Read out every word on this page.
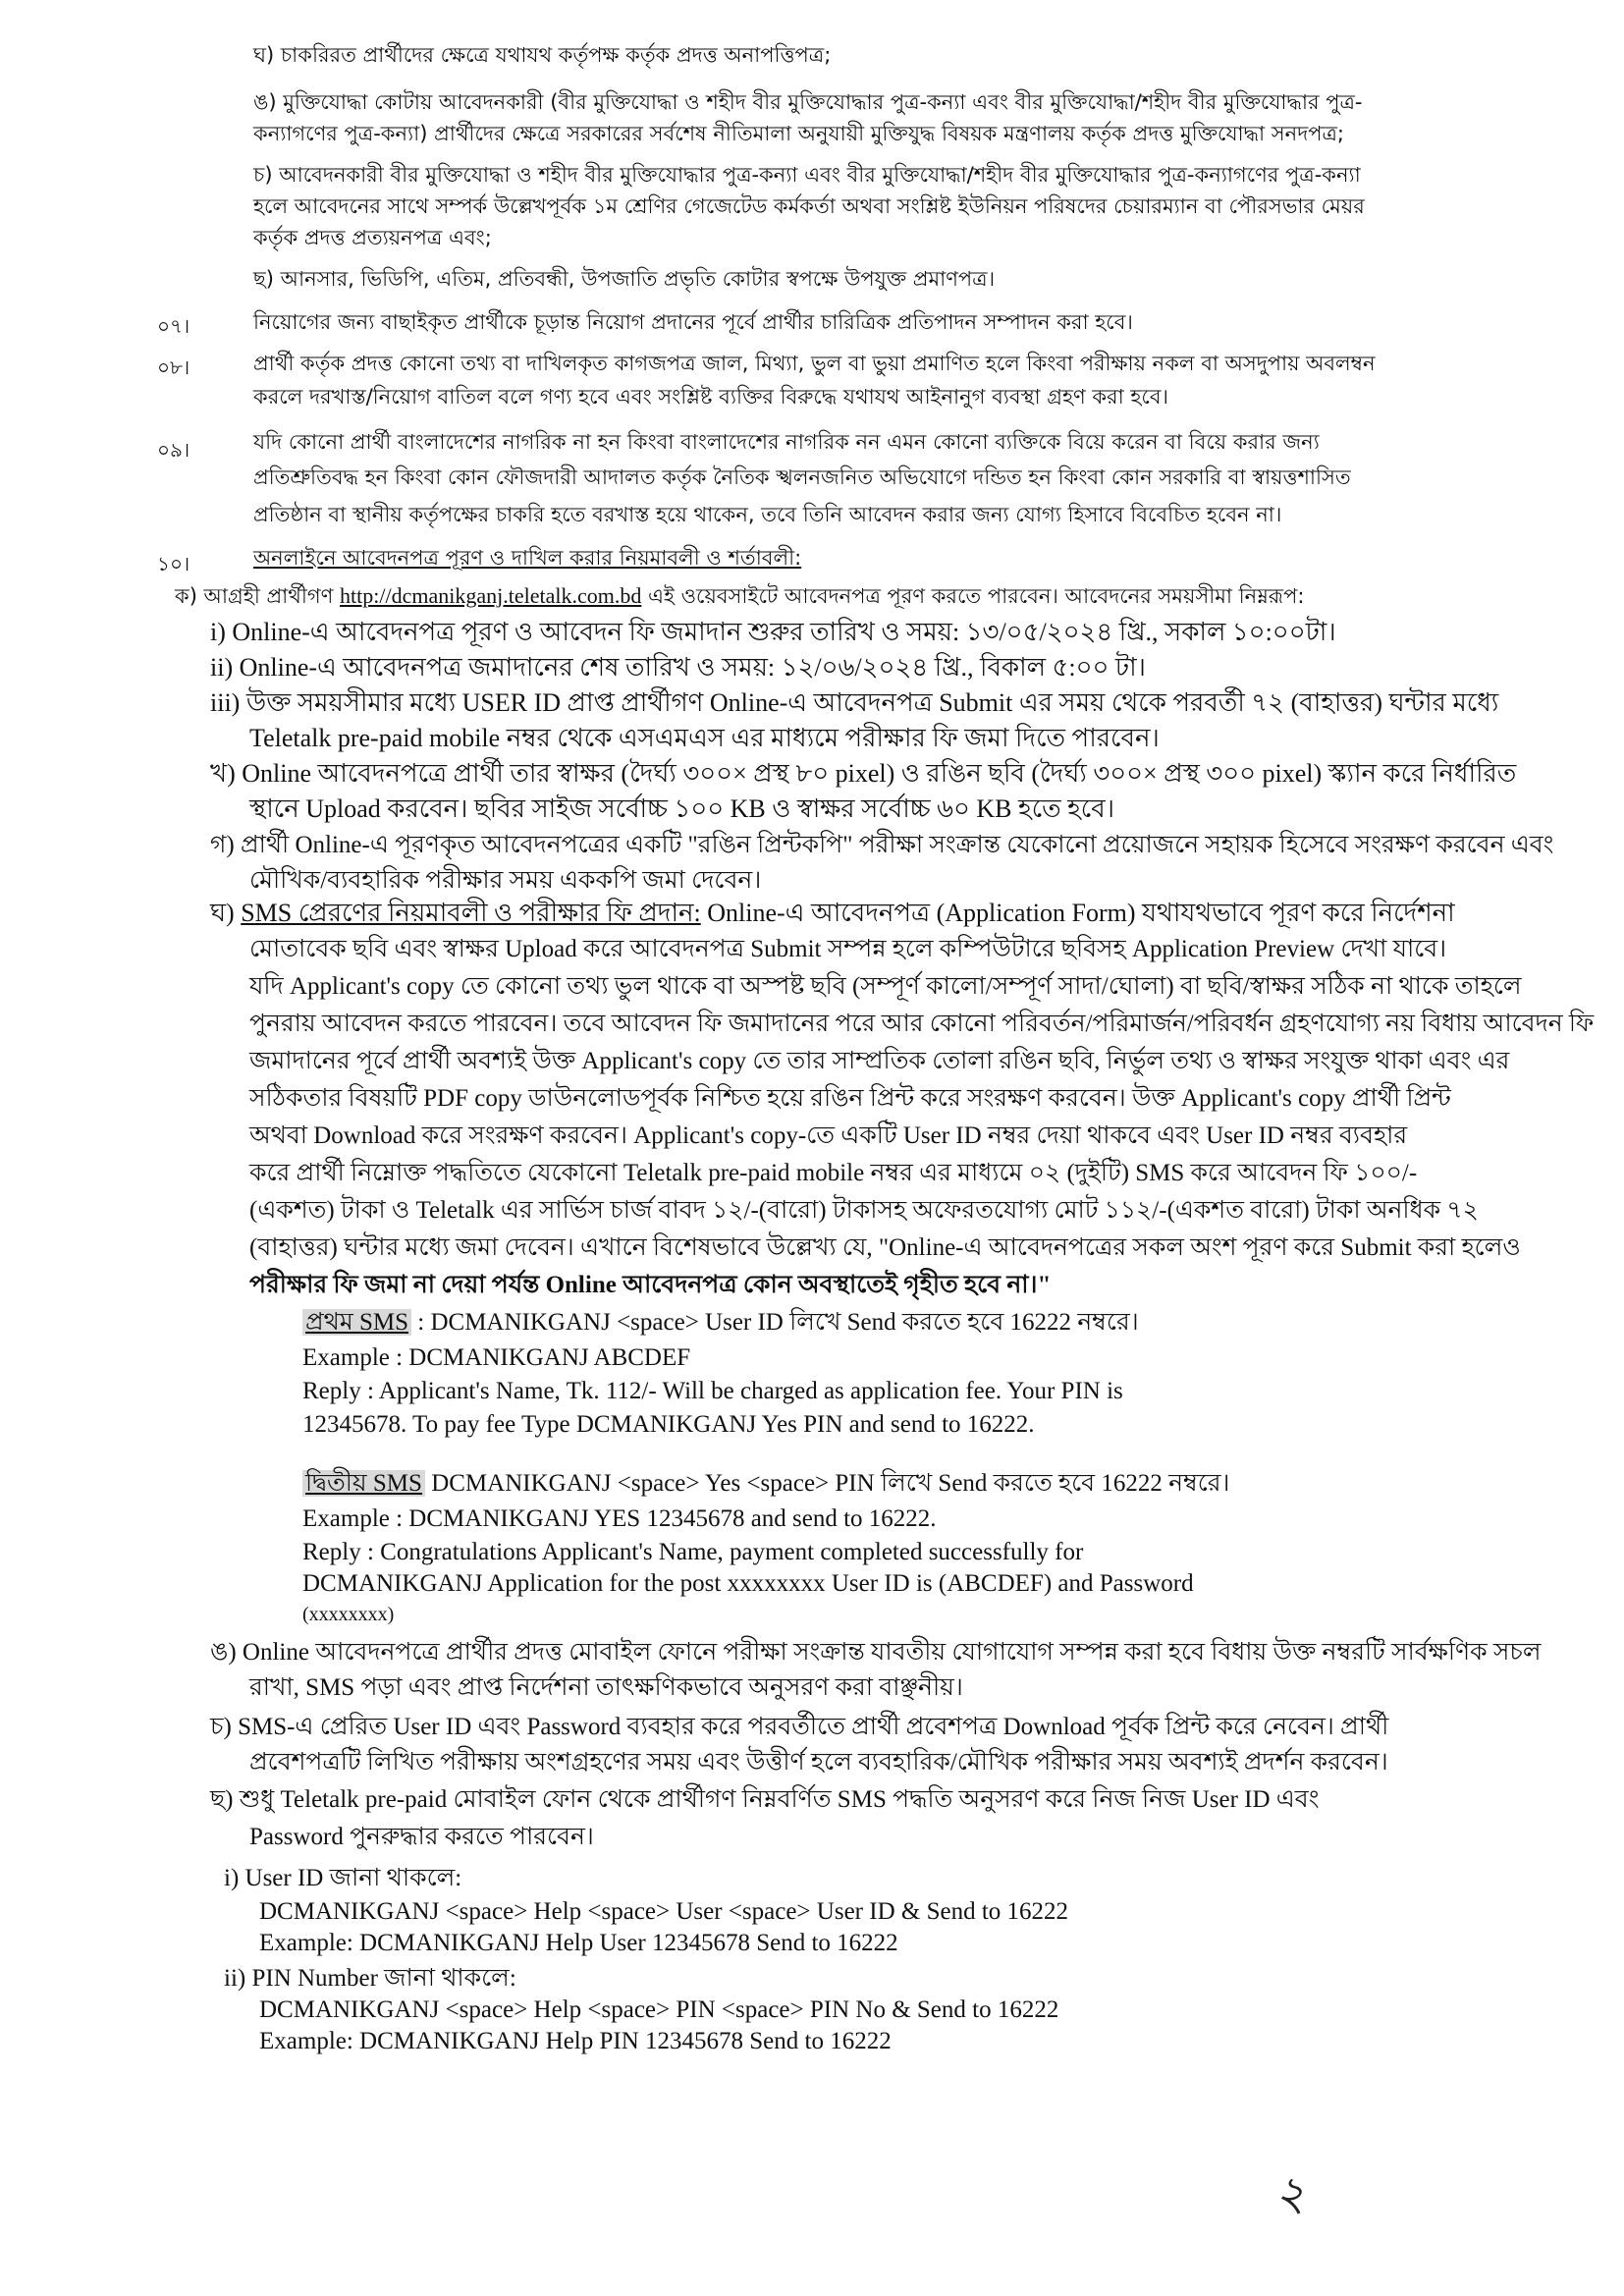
ঘ) চাকরিরত প্রার্থীদের ক্ষেত্রে যথাযথ কর্তৃপক্ষ কর্তৃক প্রদত্ত অনাপত্তিপত্র;
ঙ) মুক্তিযোদ্ধা কোটায় আবেদনকারী (বীর মুক্তিযোদ্ধা ও শহীদ বীর মুক্তিযোদ্ধার পুত্র-কন্যা এবং বীর মুক্তিযোদ্ধা/শহীদ বীর মুক্তিযোদ্ধার পুত্র-
কন্যাগণের পুত্র-কন্যা) প্রার্থীদের ক্ষেত্রে সরকারের সর্বশেষ নীতিমালা অনুযায়ী মুক্তিযুদ্ধ বিষয়ক মন্ত্রণালয় কর্তৃক প্রদত্ত মুক্তিযোদ্ধা সনদপত্র;
চ) আবেদনকারী বীর মুক্তিযোদ্ধা ও শহীদ বীর মুক্তিযোদ্ধার পুত্র-কন্যা এবং বীর মুক্তিযোদ্ধা/শহীদ বীর মুক্তিযোদ্ধার পুত্র-কন্যাগণের পুত্র-কন্যা
হলে আবেদনের সাথে সম্পর্ক উল্লেখপূর্বক ১ম শ্রেণির গেজেটেড কর্মকর্তা অথবা সংশ্লিষ্ট ইউনিয়ন পরিষদের চেয়ারম্যান বা পৌরসভার মেয়র
কর্তৃক প্রদত্ত প্রত্যয়নপত্র এবং;
ছ) আনসার, ভিডিপি, এতিম, প্রতিবন্ধী, উপজাতি প্রভৃতি কোটার স্বপক্ষে উপযুক্ত প্রমাণপত্র।
০৭।	নিয়োগের জন্য বাছাইকৃত প্রার্থীকে চূড়ান্ত নিয়োগ প্রদানের পূর্বে প্রার্থীর চারিত্রিক প্রতিপাদন সম্পাদন করা হবে।
০৮।	প্রার্থী কর্তৃক প্রদত্ত কোনো তথ্য বা দাখিলকৃত কাগজপত্র জাল, মিথ্যা, ভুল বা ভুয়া প্রমাণিত হলে কিংবা পরীক্ষায় নকল বা অসদুপায় অবলম্বন
করলে দরখাস্ত/নিয়োগ বাতিল বলে গণ্য হবে এবং সংশ্লিষ্ট ব্যক্তির বিরুদ্ধে যথাযথ আইনানুগ ব্যবস্থা গ্রহণ করা হবে।
০৯।	যদি কোনো প্রার্থী বাংলাদেশের নাগরিক না হন কিংবা বাংলাদেশের নাগরিক নন এমন কোনো ব্যক্তিকে বিয়ে করেন বা বিয়ে করার জন্য
প্রতিশ্রুতিবদ্ধ হন কিংবা কোন ফৌজদারী আদালত কর্তৃক নৈতিক স্খলনজনিত অভিযোগে দন্ডিত হন কিংবা কোন সরকারি বা স্বায়ত্তশাসিত
প্রতিষ্ঠান বা স্থানীয় কর্তৃপক্ষের চাকরি হতে বরখাস্ত হয়ে থাকেন, তবে তিনি আবেদন করার জন্য যোগ্য হিসাবে বিবেচিত হবেন না।
১০।	অনলাইনে আবেদনপত্র পূরণ ও দাখিল করার নিয়মাবলী ও শর্তাবলী:
ক) আগ্রহী প্রার্থীগণ http://dcmanikganj.teletalk.com.bd এই ওয়েবসাইটে আবেদনপত্র পূরণ করতে পারবেন। আবেদনের সময়সীমা নিম্নরূপ:
i) Online-এ আবেদনপত্র পূরণ ও আবেদন ফি জমাদান শুরুর তারিখ ও সময়: ১৩/০৫/২০২৪ খ্রি., সকাল ১০:০০টা।
ii) Online-এ আবেদনপত্র জমাদানের শেষ তারিখ ও সময়: ১২/০৬/২০২৪ খ্রি., বিকাল ৫:০০ টা।
iii) উক্ত সময়সীমার মধ্যে USER ID প্রাপ্ত প্রার্থীগণ Online-এ আবেদনপত্র Submit এর সময় থেকে পরবর্তী ৭২ (বাহাত্তর) ঘন্টার মধ্যে
Teletalk pre-paid mobile নম্বর থেকে এসএমএস এর মাধ্যমে পরীক্ষার ফি জমা দিতে পারবেন।
খ) Online আবেদনপত্রে প্রার্থী তার স্বাক্ষর (দৈর্ঘ্য ৩০০× প্রস্থ ৮০ pixel) ও রঙিন ছবি (দৈর্ঘ্য ৩০০× প্রস্থ ৩০০ pixel) স্ক্যান করে নির্ধারিত
স্থানে Upload করবেন। ছবির সাইজ সর্বোচ্চ ১০০ KB ও স্বাক্ষর সর্বোচ্চ ৬০ KB হতে হবে।
গ) প্রার্থী Online-এ পূরণকৃত আবেদনপত্রের একটি "রঙিন প্রিন্টকপি" পরীক্ষা সংক্রান্ত যেকোনো প্রয়োজনে সহায়ক হিসেবে সংরক্ষণ করবেন এবং
মৌখিক/ব্যবহারিক পরীক্ষার সময় এককপি জমা দেবেন।
ঘ) SMS প্রেরণের নিয়মাবলী ও পরীক্ষার ফি প্রদান: Online-এ আবেদনপত্র (Application Form) যথাযথভাবে পূরণ করে নির্দেশনা
মোতাবেক ছবি এবং স্বাক্ষর Upload করে আবেদনপত্র Submit সম্পন্ন হলে কম্পিউটারে ছবিসহ Application Preview দেখা যাবে।
যদি Applicant's copy তে কোনো তথ্য ভুল থাকে বা অস্পষ্ট ছবি (সম্পূর্ণ কালো/সম্পূর্ণ সাদা/ঘোলা) বা ছবি/স্বাক্ষর সঠিক না থাকে তাহলে
পুনরায় আবেদন করতে পারবেন। তবে আবেদন ফি জমাদানের পরে আর কোনো পরিবর্তন/পরিমার্জন/পরিবর্ধন গ্রহণযোগ্য নয় বিধায় আবেদন ফি
জমাদানের পূর্বে প্রার্থী অবশ্যই উক্ত Applicant's copy তে তার সাম্প্রতিক তোলা রঙিন ছবি, নির্ভুল তথ্য ও স্বাক্ষর সংযুক্ত থাকা এবং এর
সঠিকতার বিষয়টি PDF copy ডাউনলোডপূর্বক নিশ্চিত হয়ে রঙিন প্রিন্ট করে সংরক্ষণ করবেন। উক্ত Applicant's copy প্রার্থী প্রিন্ট
অথবা Download করে সংরক্ষণ করবেন। Applicant's copy-তে একটি User ID নম্বর দেয়া থাকবে এবং User ID নম্বর ব্যবহার
করে প্রার্থী নিম্নোক্ত পদ্ধতিতে যেকোনো Teletalk pre-paid mobile নম্বর এর মাধ্যমে ০২ (দুইটি) SMS করে আবেদন ফি ১০০/-
(একশত) টাকা ও Teletalk এর সার্ভিস চার্জ বাবদ ১২/-(বারো) টাকাসহ অফেরতযোগ্য মোট ১১২/-(একশত বারো) টাকা অনধিক ৭২
(বাহাত্তর) ঘন্টার মধ্যে জমা দেবেন। এখানে বিশেষভাবে উল্লেখ্য যে, "Online-এ আবেদনপত্রের সকল অংশ পূরণ করে Submit করা হলেও
পরীক্ষার ফি জমা না দেয়া পর্যন্ত Online আবেদনপত্র কোন অবস্থাতেই গৃহীত হবে না।"
প্রথম SMS : DCMANIKGANJ <space> User ID লিখে Send করতে হবে 16222 নম্বরে।
Example : DCMANIKGANJ ABCDEF
Reply : Applicant's Name, Tk. 112/- Will be charged as application fee. Your PIN is
12345678. To pay fee Type DCMANIKGANJ Yes PIN and send to 16222.
দ্বিতীয় SMS DCMANIKGANJ <space> Yes <space> PIN লিখে Send করতে হবে 16222 নম্বরে।
Example : DCMANIKGANJ YES 12345678 and send to 16222.
Reply : Congratulations Applicant's Name, payment completed successfully for
DCMANIKGANJ Application for the post xxxxxxxx User ID is (ABCDEF) and Password
(xxxxxxxx)
ঙ) Online আবেদনপত্রে প্রার্থীর প্রদত্ত মোবাইল ফোনে পরীক্ষা সংক্রান্ত যাবতীয় যোগাযোগ সম্পন্ন করা হবে বিধায় উক্ত নম্বরটি সার্বক্ষণিক সচল
রাখা, SMS পড়া এবং প্রাপ্ত নির্দেশনা তাৎক্ষণিকভাবে অনুসরণ করা বাঞ্ছনীয়।
চ) SMS-এ প্রেরিত User ID এবং Password ব্যবহার করে পরবর্তীতে প্রার্থী প্রবেশপত্র Download পূর্বক প্রিন্ট করে নেবেন। প্রার্থী
প্রবেশপত্রটি লিখিত পরীক্ষায় অংশগ্রহণের সময় এবং উত্তীর্ণ হলে ব্যবহারিক/মৌখিক পরীক্ষার সময় অবশ্যই প্রদর্শন করবেন।
ছ) শুধু Teletalk pre-paid মোবাইল ফোন থেকে প্রার্থীগণ নিম্নবর্ণিত SMS পদ্ধতি অনুসরণ করে নিজ নিজ User ID এবং
Password পুনরুদ্ধার করতে পারবেন।
i) User ID জানা থাকলে:
DCMANIKGANJ <space> Help <space> User <space> User ID & Send to 16222
Example: DCMANIKGANJ Help User 12345678 Send to 16222
ii) PIN Number জানা থাকলে:
DCMANIKGANJ <space> Help <space> PIN <space> PIN No & Send to 16222
Example: DCMANIKGANJ Help PIN 12345678 Send to 16222
২
